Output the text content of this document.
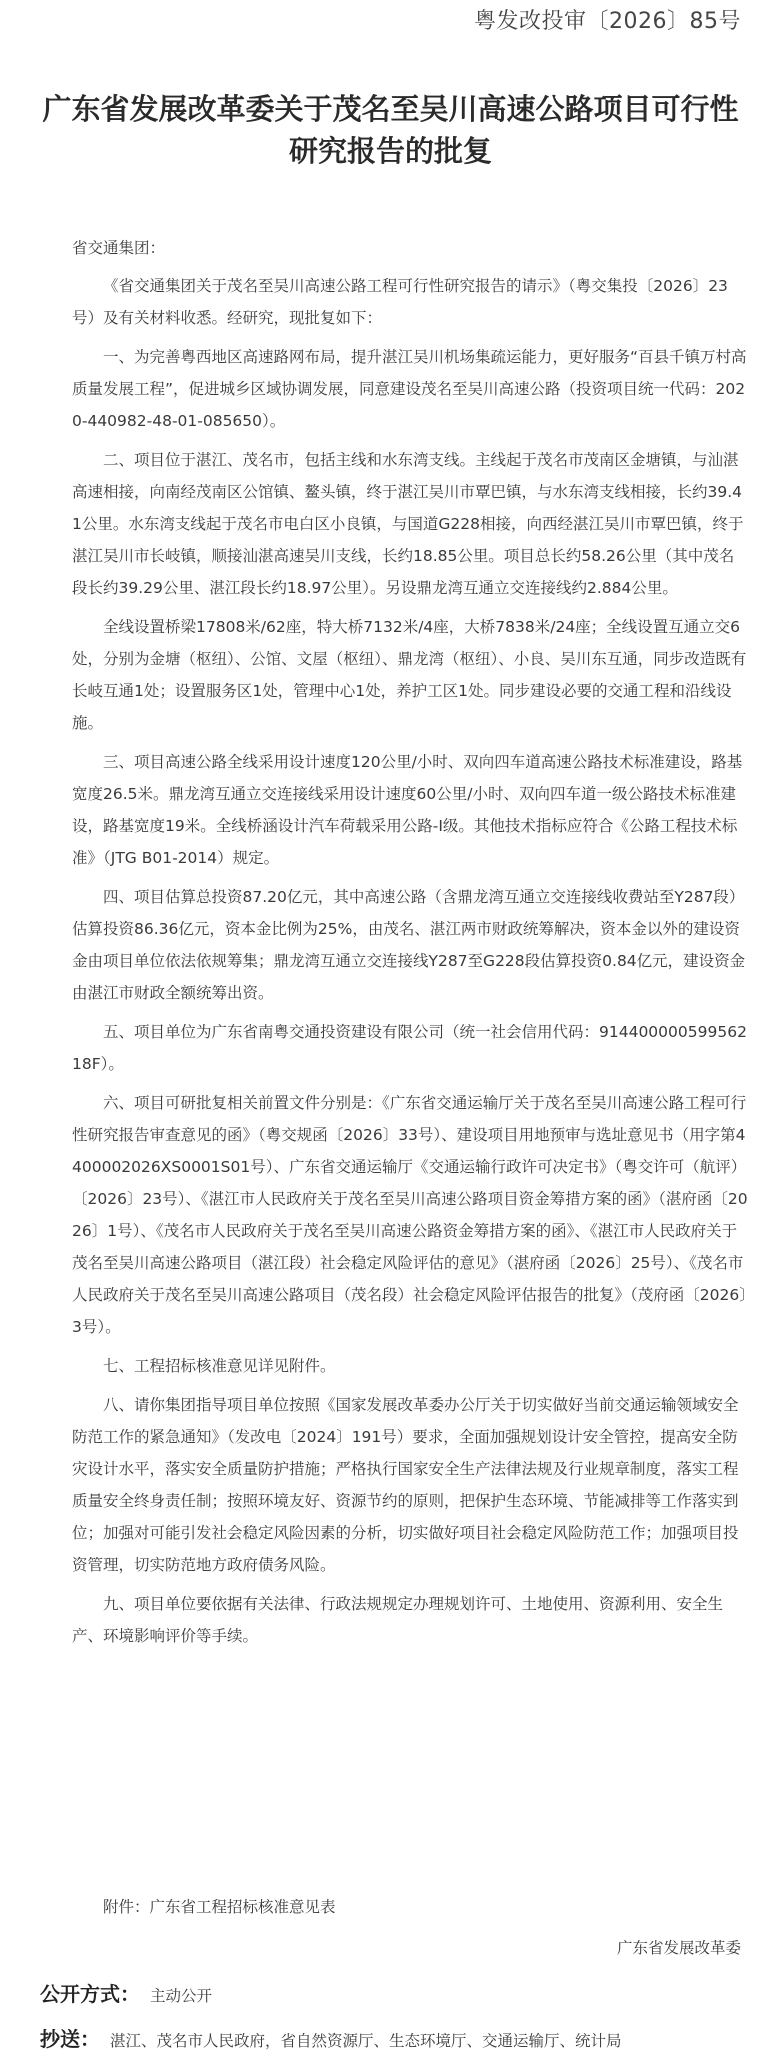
粤发改投审〔2026〕85号
广东省发展改革委关于茂名至吴川高速公路项目可行性研究报告的批复

省交通集团：

《省交通集团关于茂名至吴川高速公路工程可行性研究报告的请示》（粤交集投〔2026〕23号）及有关材料收悉。经研究，现批复如下：

一、为完善粤西地区高速路网布局，提升湛江吴川机场集疏运能力，更好服务“百县千镇万村高质量发展工程”，促进城乡区域协调发展，同意建设茂名至吴川高速公路（投资项目统一代码：2020-440982-48-01-085650）。

二、项目位于湛江、茂名市，包括主线和水东湾支线。主线起于茂名市茂南区金塘镇，与汕湛高速相接，向南经茂南区公馆镇、鳌头镇，终于湛江吴川市覃巴镇，与水东湾支线相接，长约39.41公里。水东湾支线起于茂名市电白区小良镇，与国道G228相接，向西经湛江吴川市覃巴镇，终于湛江吴川市长岐镇，顺接汕湛高速吴川支线，长约18.85公里。项目总长约58.26公里（其中茂名段长约39.29公里、湛江段长约18.97公里）。另设鼎龙湾互通立交连接线约2.884公里。

全线设置桥梁17808米/62座，特大桥7132米/4座，大桥7838米/24座；全线设置互通立交6处，分别为金塘（枢纽）、公馆、文屋（枢纽）、鼎龙湾（枢纽）、小良、吴川东互通，同步改造既有长岐互通1处；设置服务区1处，管理中心1处，养护工区1处。同步建设必要的交通工程和沿线设施。

三、项目高速公路全线采用设计速度120公里/小时、双向四车道高速公路技术标准建设，路基宽度26.5米。鼎龙湾互通立交连接线采用设计速度60公里/小时、双向四车道一级公路技术标准建设，路基宽度19米。全线桥涵设计汽车荷载采用公路-I级。其他技术指标应符合《公路工程技术标准》（JTG B01-2014）规定。

四、项目估算总投资87.20亿元，其中高速公路（含鼎龙湾互通立交连接线收费站至Y287段）估算投资86.36亿元，资本金比例为25%，由茂名、湛江两市财政统筹解决，资本金以外的建设资金由项目单位依法依规筹集；鼎龙湾互通立交连接线Y287至G228段估算投资0.84亿元，建设资金由湛江市财政全额统筹出资。

五、项目单位为广东省南粤交通投资建设有限公司（统一社会信用代码：91440000059956218F）。

六、项目可研批复相关前置文件分别是：《广东省交通运输厅关于茂名至吴川高速公路工程可行性研究报告审查意见的函》（粤交规函〔2026〕33号）、建设项目用地预审与选址意见书（用字第4400002026XS0001S01号）、广东省交通运输厅《交通运输行政许可决定书》（粤交许可（航评）〔2026〕23号）、《湛江市人民政府关于茂名至吴川高速公路项目资金筹措方案的函》（湛府函〔2026〕1号）、《茂名市人民政府关于茂名至吴川高速公路资金筹措方案的函》、《湛江市人民政府关于茂名至吴川高速公路项目（湛江段）社会稳定风险评估的意见》（湛府函〔2026〕25号）、《茂名市人民政府关于茂名至吴川高速公路项目（茂名段）社会稳定风险评估报告的批复》（茂府函〔2026〕3号）。

七、工程招标核准意见详见附件。

八、请你集团指导项目单位按照《国家发展改革委办公厅关于切实做好当前交通运输领域安全防范工作的紧急通知》（发改电〔2024〕191号）要求，全面加强规划设计安全管控，提高安全防灾设计水平，落实安全质量防护措施；严格执行国家安全生产法律法规及行业规章制度，落实工程质量安全终身责任制；按照环境友好、资源节约的原则，把保护生态环境、节能减排等工作落实到位；加强对可能引发社会稳定风险因素的分析，切实做好项目社会稳定风险防范工作；加强项目投资管理，切实防范地方政府债务风险。

九、项目单位要依据有关法律、行政法规规定办理规划许可、土地使用、资源利用、安全生产、环境影响评价等手续。

附件：广东省工程招标核准意见表
广东省发展改革委
公开方式： 主动公开
抄送： 湛江、茂名市人民政府，省自然资源厅、生态环境厅、交通运输厅、统计局
